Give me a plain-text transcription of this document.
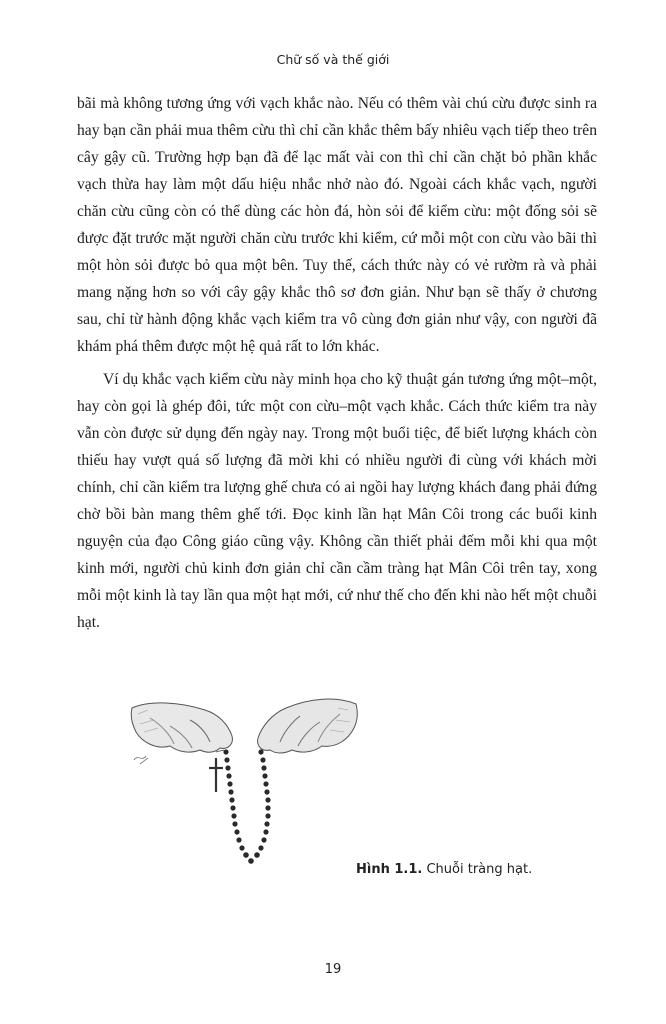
Chữ số và thế giới

bãi mà không tương ứng với vạch khắc nào. Nếu có thêm vài chú cừu được sinh ra hay bạn cần phải mua thêm cừu thì chỉ cần khắc thêm bấy nhiêu vạch tiếp theo trên cây gậy cũ. Trường hợp bạn đã để lạc mất vài con thì chỉ cần chặt bỏ phần khắc vạch thừa hay làm một dấu hiệu nhắc nhở nào đó. Ngoài cách khắc vạch, người chăn cừu cũng còn có thể dùng các hòn đá, hòn sỏi để kiểm cừu: một đống sỏi sẽ được đặt trước mặt người chăn cừu trước khi kiểm, cứ mỗi một con cừu vào bãi thì một hòn sỏi được bỏ qua một bên. Tuy thế, cách thức này có vẻ rườm rà và phải mang nặng hơn so với cây gậy khắc thô sơ đơn giản. Như bạn sẽ thấy ở chương sau, chỉ từ hành động khắc vạch kiểm tra vô cùng đơn giản như vậy, con người đã khám phá thêm được một hệ quả rất to lớn khác.

Ví dụ khắc vạch kiểm cừu này minh họa cho kỹ thuật gán tương ứng một–một, hay còn gọi là ghép đôi, tức một con cừu–một vạch khắc. Cách thức kiểm tra này vẫn còn được sử dụng đến ngày nay. Trong một buổi tiệc, để biết lượng khách còn thiếu hay vượt quá số lượng đã mời khi có nhiều người đi cùng với khách mời chính, chỉ cần kiểm tra lượng ghế chưa có ai ngồi hay lượng khách đang phải đứng chờ bồi bàn mang thêm ghế tới. Đọc kinh lần hạt Mân Côi trong các buổi kinh nguyện của đạo Công giáo cũng vậy. Không cần thiết phải đếm mỗi khi qua một kinh mới, người chủ kinh đơn giản chỉ cần cầm tràng hạt Mân Côi trên tay, xong mỗi một kinh là tay lần qua một hạt mới, cứ như thế cho đến khi nào hết một chuỗi hạt.

Hình 1.1. Chuỗi tràng hạt.
19
